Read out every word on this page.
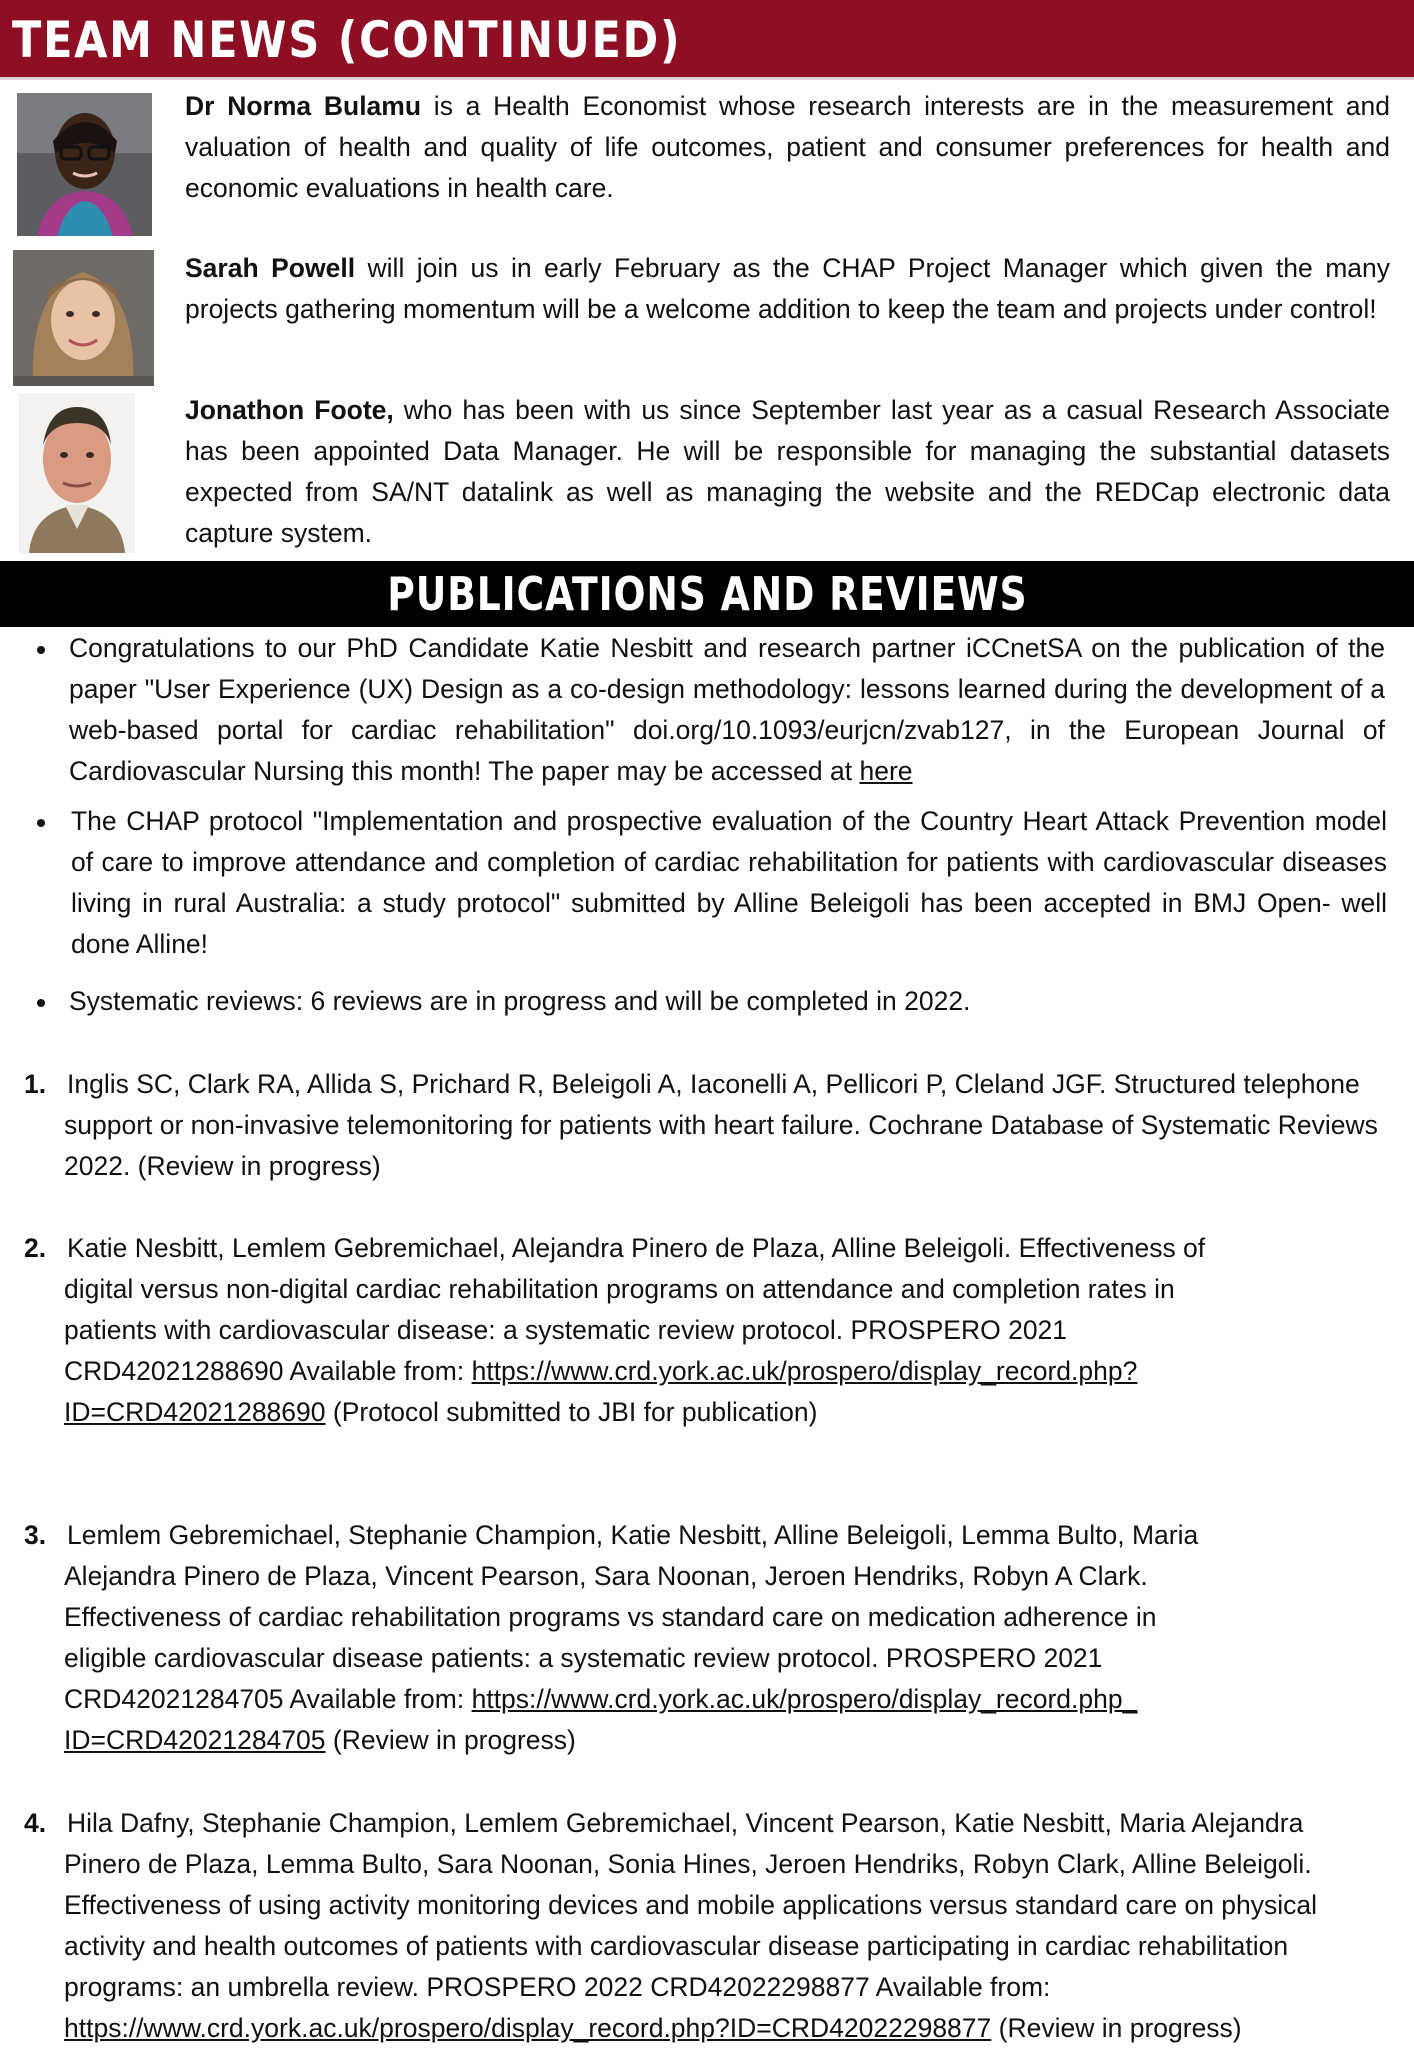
TEAM NEWS (CONTINUED)
Dr Norma Bulamu is a Health Economist whose research interests are in the measurement and valuation of health and quality of life outcomes, patient and consumer preferences for health and economic evaluations in health care.
Sarah Powell will join us in early February as the CHAP Project Manager which given the many projects gathering momentum will be a welcome addition to keep the team and projects under control!
Jonathon Foote, who has been with us since September last year as a casual Research Associate has been appointed Data Manager. He will be responsible for managing the substantial datasets expected from SA/NT datalink as well as managing the website and the REDCap electronic data capture system.
PUBLICATIONS AND REVIEWS
Congratulations to our PhD Candidate Katie Nesbitt and research partner iCCnetSA on the publication of the paper "User Experience (UX) Design as a co-design methodology: lessons learned during the development of a web-based portal for cardiac rehabilitation" doi.org/10.1093/eurjcn/zvab127, in the European Journal of Cardiovascular Nursing this month! The paper may be accessed at here
The CHAP protocol "Implementation and prospective evaluation of the Country Heart Attack Prevention model of care to improve attendance and completion of cardiac rehabilitation for patients with cardiovascular diseases living in rural Australia: a study protocol" submitted by Alline Beleigoli has been accepted in BMJ Open- well done Alline!
Systematic reviews: 6 reviews are in progress and will be completed in 2022.
1. Inglis SC, Clark RA, Allida S, Prichard R, Beleigoli A, Iaconelli A, Pellicori P, Cleland JGF. Structured telephone support or non-invasive telemonitoring for patients with heart failure. Cochrane Database of Systematic Reviews 2022. (Review in progress)
2. Katie Nesbitt, Lemlem Gebremichael, Alejandra Pinero de Plaza, Alline Beleigoli. Effectiveness of digital versus non-digital cardiac rehabilitation programs on attendance and completion rates in patients with cardiovascular disease: a systematic review protocol. PROSPERO 2021 CRD42021288690 Available from: https://www.crd.york.ac.uk/prospero/display_record.php?ID=CRD42021288690 (Protocol submitted to JBI for publication)
3. Lemlem Gebremichael, Stephanie Champion, Katie Nesbitt, Alline Beleigoli, Lemma Bulto, Maria Alejandra Pinero de Plaza, Vincent Pearson, Sara Noonan, Jeroen Hendriks, Robyn A Clark. Effectiveness of cardiac rehabilitation programs vs standard care on medication adherence in eligible cardiovascular disease patients: a systematic review protocol. PROSPERO 2021 CRD42021284705 Available from: https://www.crd.york.ac.uk/prospero/display_record.php_ ID=CRD42021284705 (Review in progress)
4. Hila Dafny, Stephanie Champion, Lemlem Gebremichael, Vincent Pearson, Katie Nesbitt, Maria Alejandra Pinero de Plaza, Lemma Bulto, Sara Noonan, Sonia Hines, Jeroen Hendriks, Robyn Clark, Alline Beleigoli. Effectiveness of using activity monitoring devices and mobile applications versus standard care on physical activity and health outcomes of patients with cardiovascular disease participating in cardiac rehabilitation programs: an umbrella review. PROSPERO 2022 CRD42022298877 Available from: https://www.crd.york.ac.uk/prospero/display_record.php?ID=CRD42022298877 (Review in progress)
